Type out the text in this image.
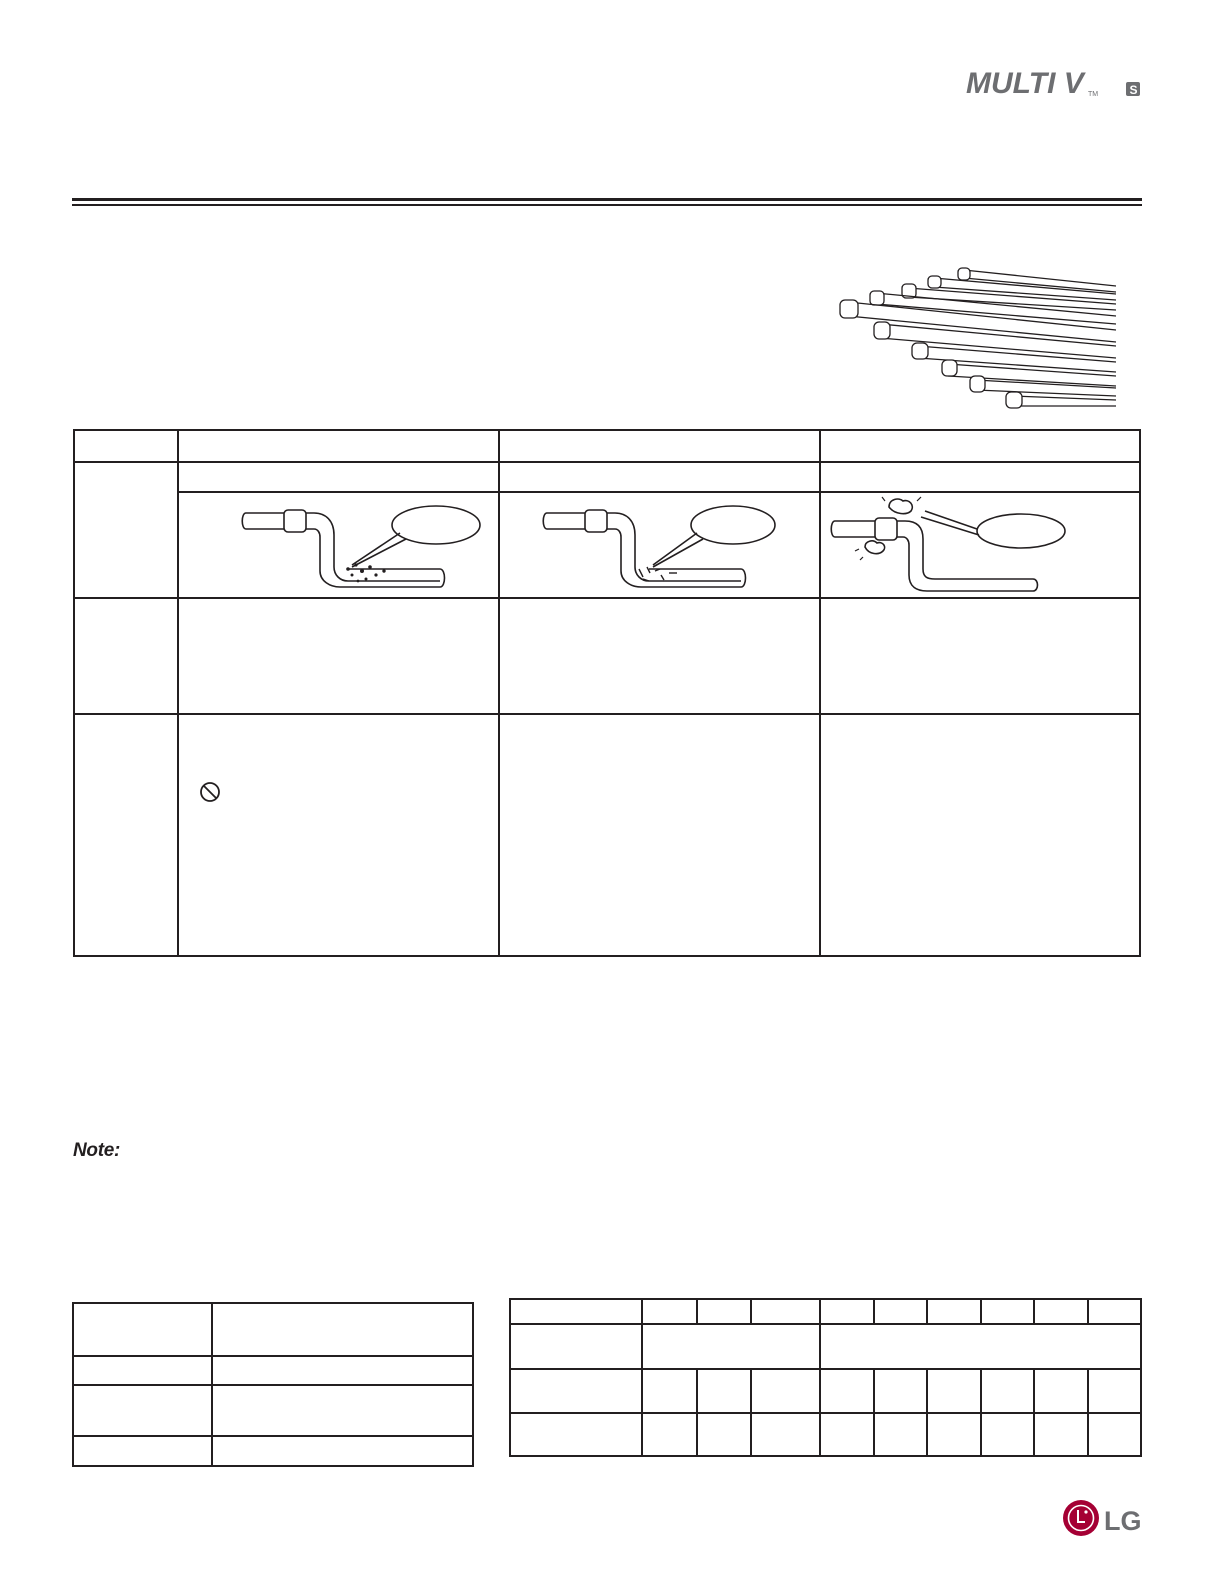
MULTI V TM	S
Note:
LG
